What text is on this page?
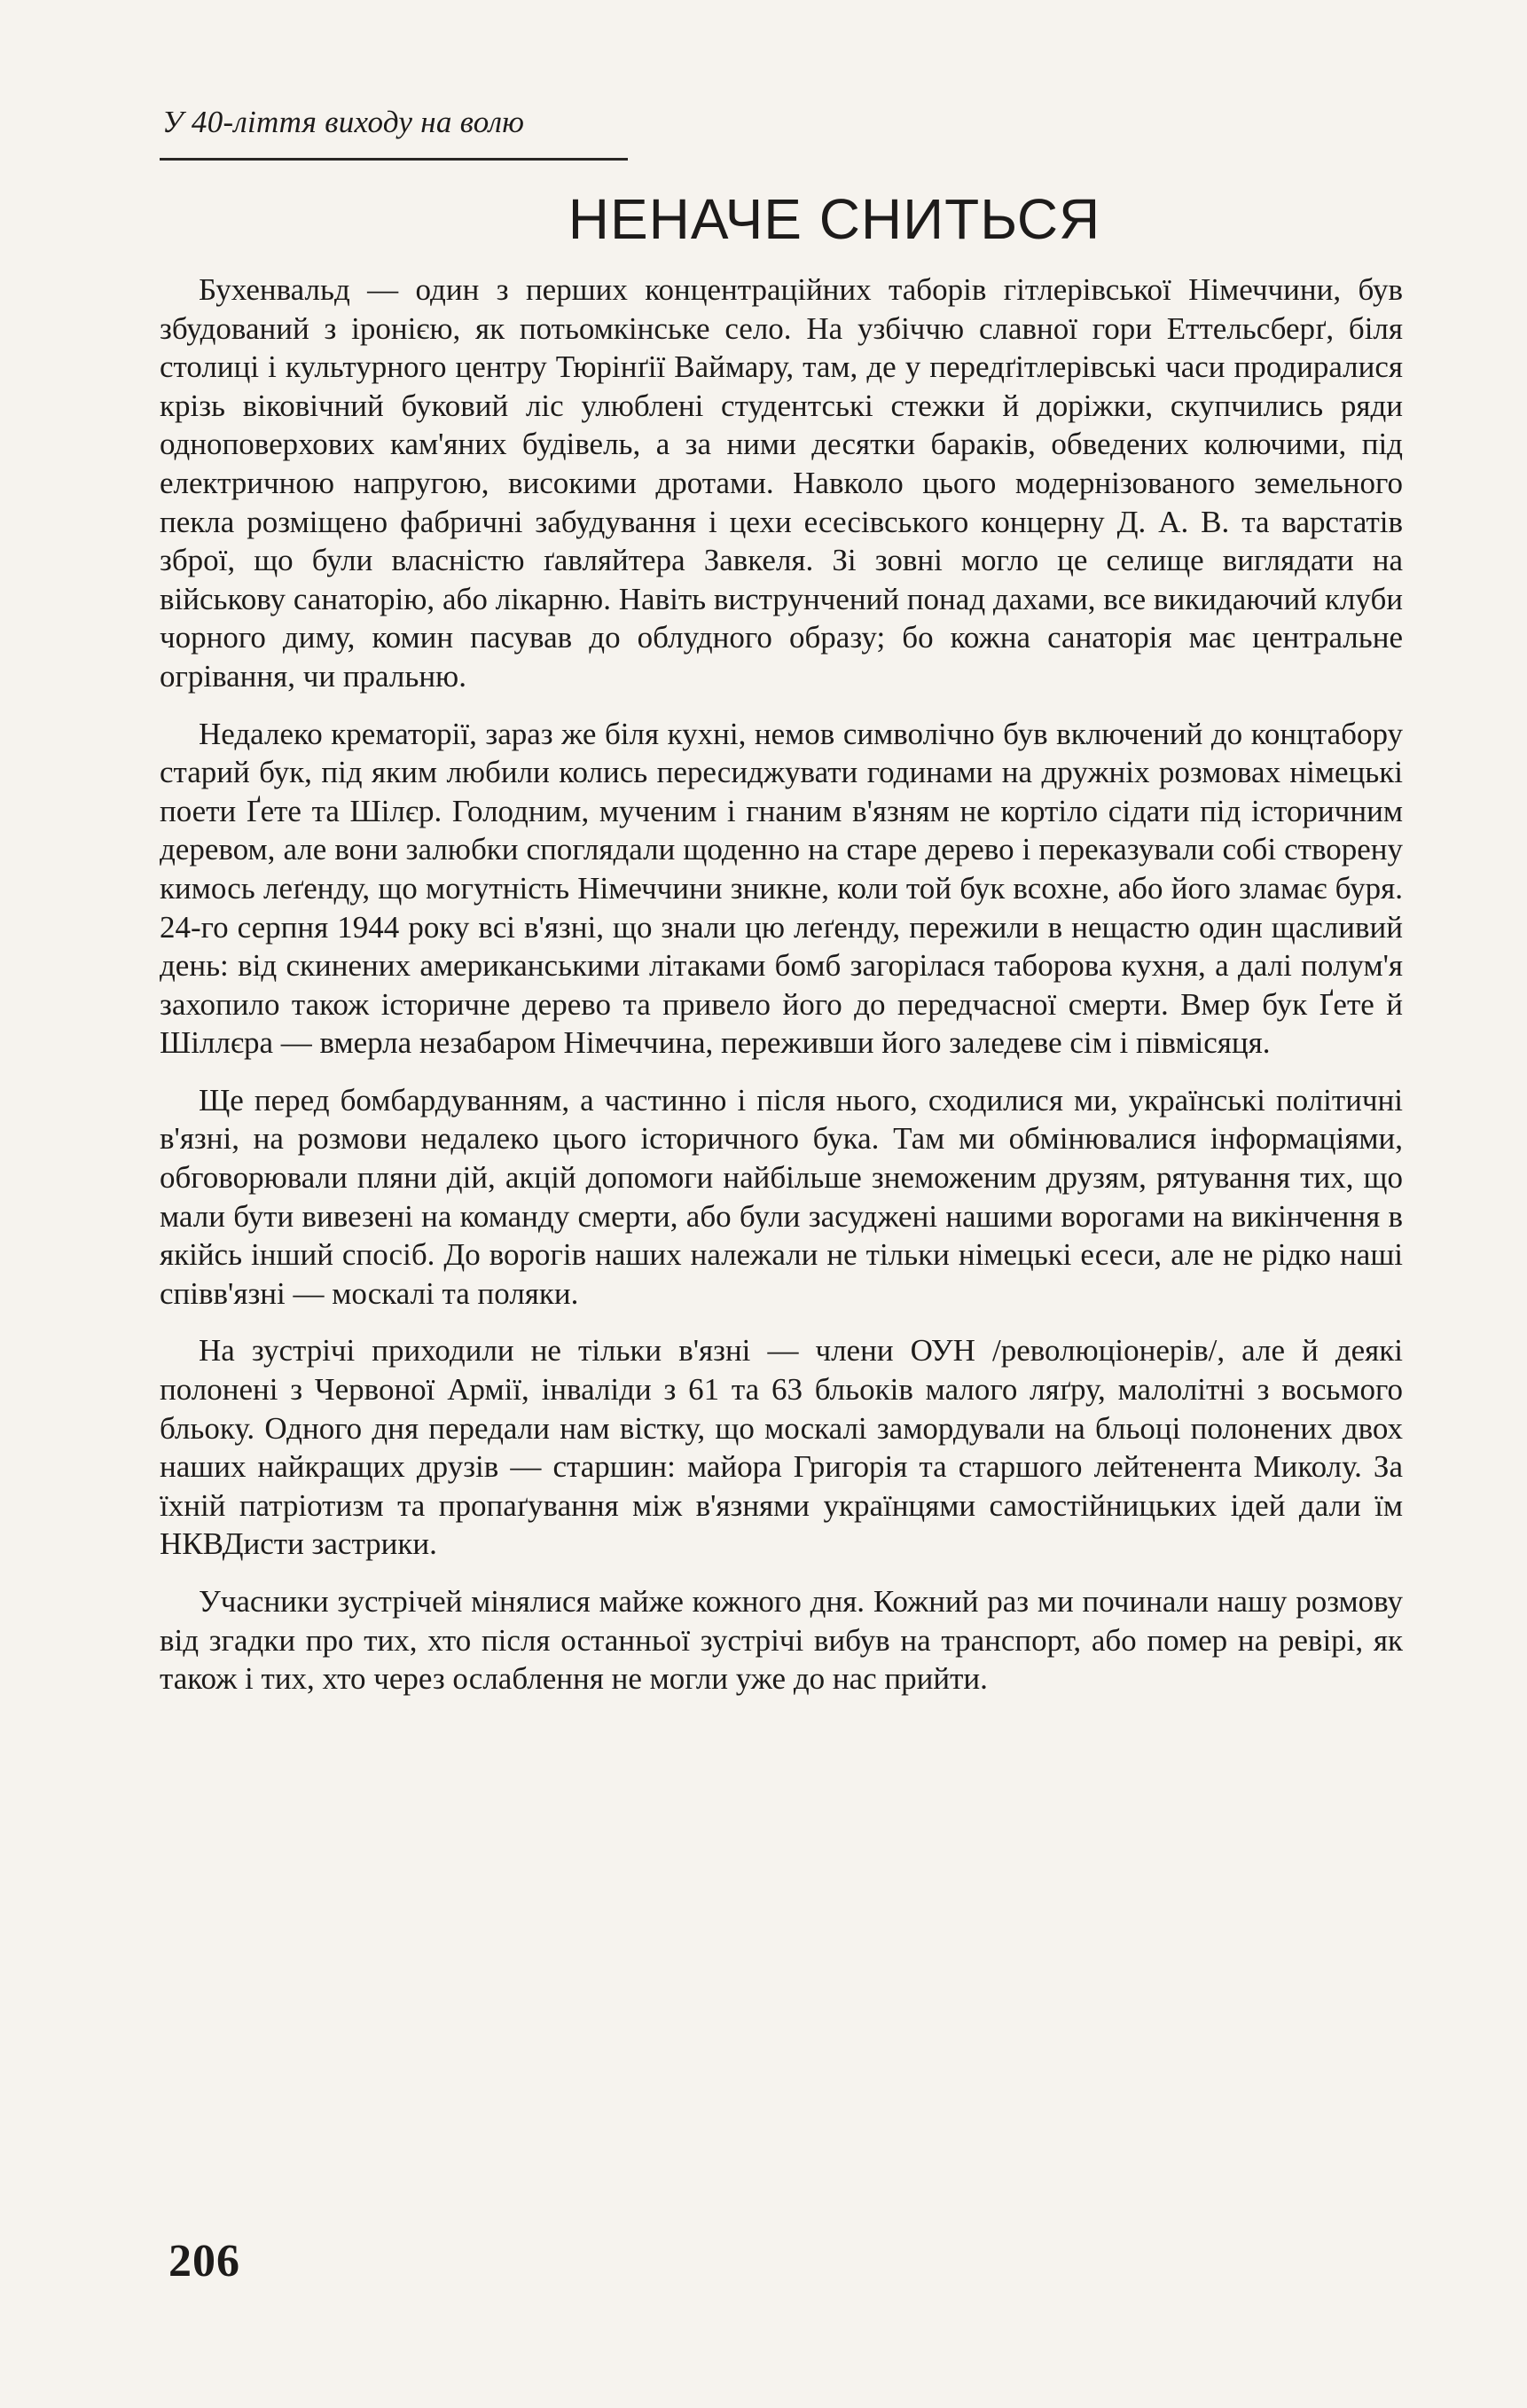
У 40-ліття виходу на волю
НЕНАЧЕ СНИТЬСЯ

Бухенвальд — один з перших концентраційних таборів гітлерівської Німеччини, був збудований з іронією, як потьомкінське село. На узбіччю славної гори Еттельсберґ, біля столиці і культурного центру Тюрінґії Ваймару, там, де у передґітлерівські часи продиралися крізь віковічний буковий ліс улюблені студентські стежки й доріжки, скупчились ряди одноповерхових кам'яних будівель, а за ними десятки бараків, обведених колючими, під електричною напругою, високими дротами. Навколо цього модернізованого земельного пекла розміщено фабричні забудування і цехи есесівського концерну Д. А. В. та варстатів зброї, що були власністю ґавляйтера Завкеля. Зі зовні могло це селище виглядати на військову санаторію, або лікарню. Навіть виструнчений понад дахами, все викидаючий клуби чорного диму, комин пасував до облудного образу; бо кожна санаторія має центральне огрівання, чи пральню.

Недалеко крематорії, зараз же біля кухні, немов символічно був включений до концтабору старий бук, під яким любили колись пересиджувати годинами на дружніх розмовах німецькі поети Ґете та Шілєр. Голодним, мученим і гнаним в'язням не кортіло сідати під історичним деревом, але вони залюбки споглядали щоденно на старе дерево і переказували собі створену кимось леґенду, що могутність Німеччини зникне, коли той бук всохне, або його зламає буря. 24-го серпня 1944 року всі в'язні, що знали цю леґенду, пережили в нещастю один щасливий день: від скинених американськими літаками бомб загорілася таборова кухня, а далі полум'я захопило також історичне дерево та привело його до передчасної смерти. Вмер бук Ґете й Шіллєра — вмерла незабаром Німеччина, переживши його заледеве сім і півмісяця.

Ще перед бомбардуванням, а частинно і після нього, сходилися ми, українські політичні в'язні, на розмови недалеко цього історичного бука. Там ми обмінювалися інформаціями, обговорювали пляни дій, акцій допомоги найбільше знеможеним друзям, рятування тих, що мали бути вивезені на команду смерти, або були засуджені нашими ворогами на викінчення в якійсь інший спосіб. До ворогів наших належали не тільки німецькі есеси, але не рідко наші співв'язні — москалі та поляки.

На зустрічі приходили не тільки в'язні — члени ОУН /революціонерів/, але й деякі полонені з Червоної Армії, інваліди з 61 та 63 бльоків малого ляґру, малолітні з восьмого бльоку. Одного дня передали нам вістку, що москалі замордували на бльоці полонених двох наших найкращих друзів — старшин: майора Григорія та старшого лейтенента Миколу. За їхній патріотизм та пропаґування між в'язнями українцями самостійницьких ідей дали їм НКВДисти застрики.

Учасники зустрічей мінялися майже кожного дня. Кожний раз ми починали нашу розмову від згадки про тих, хто після останньої зустрічі вибув на транспорт, або помер на ревірі, як також і тих, хто через ослаблення не могли уже до нас прийти.

206
